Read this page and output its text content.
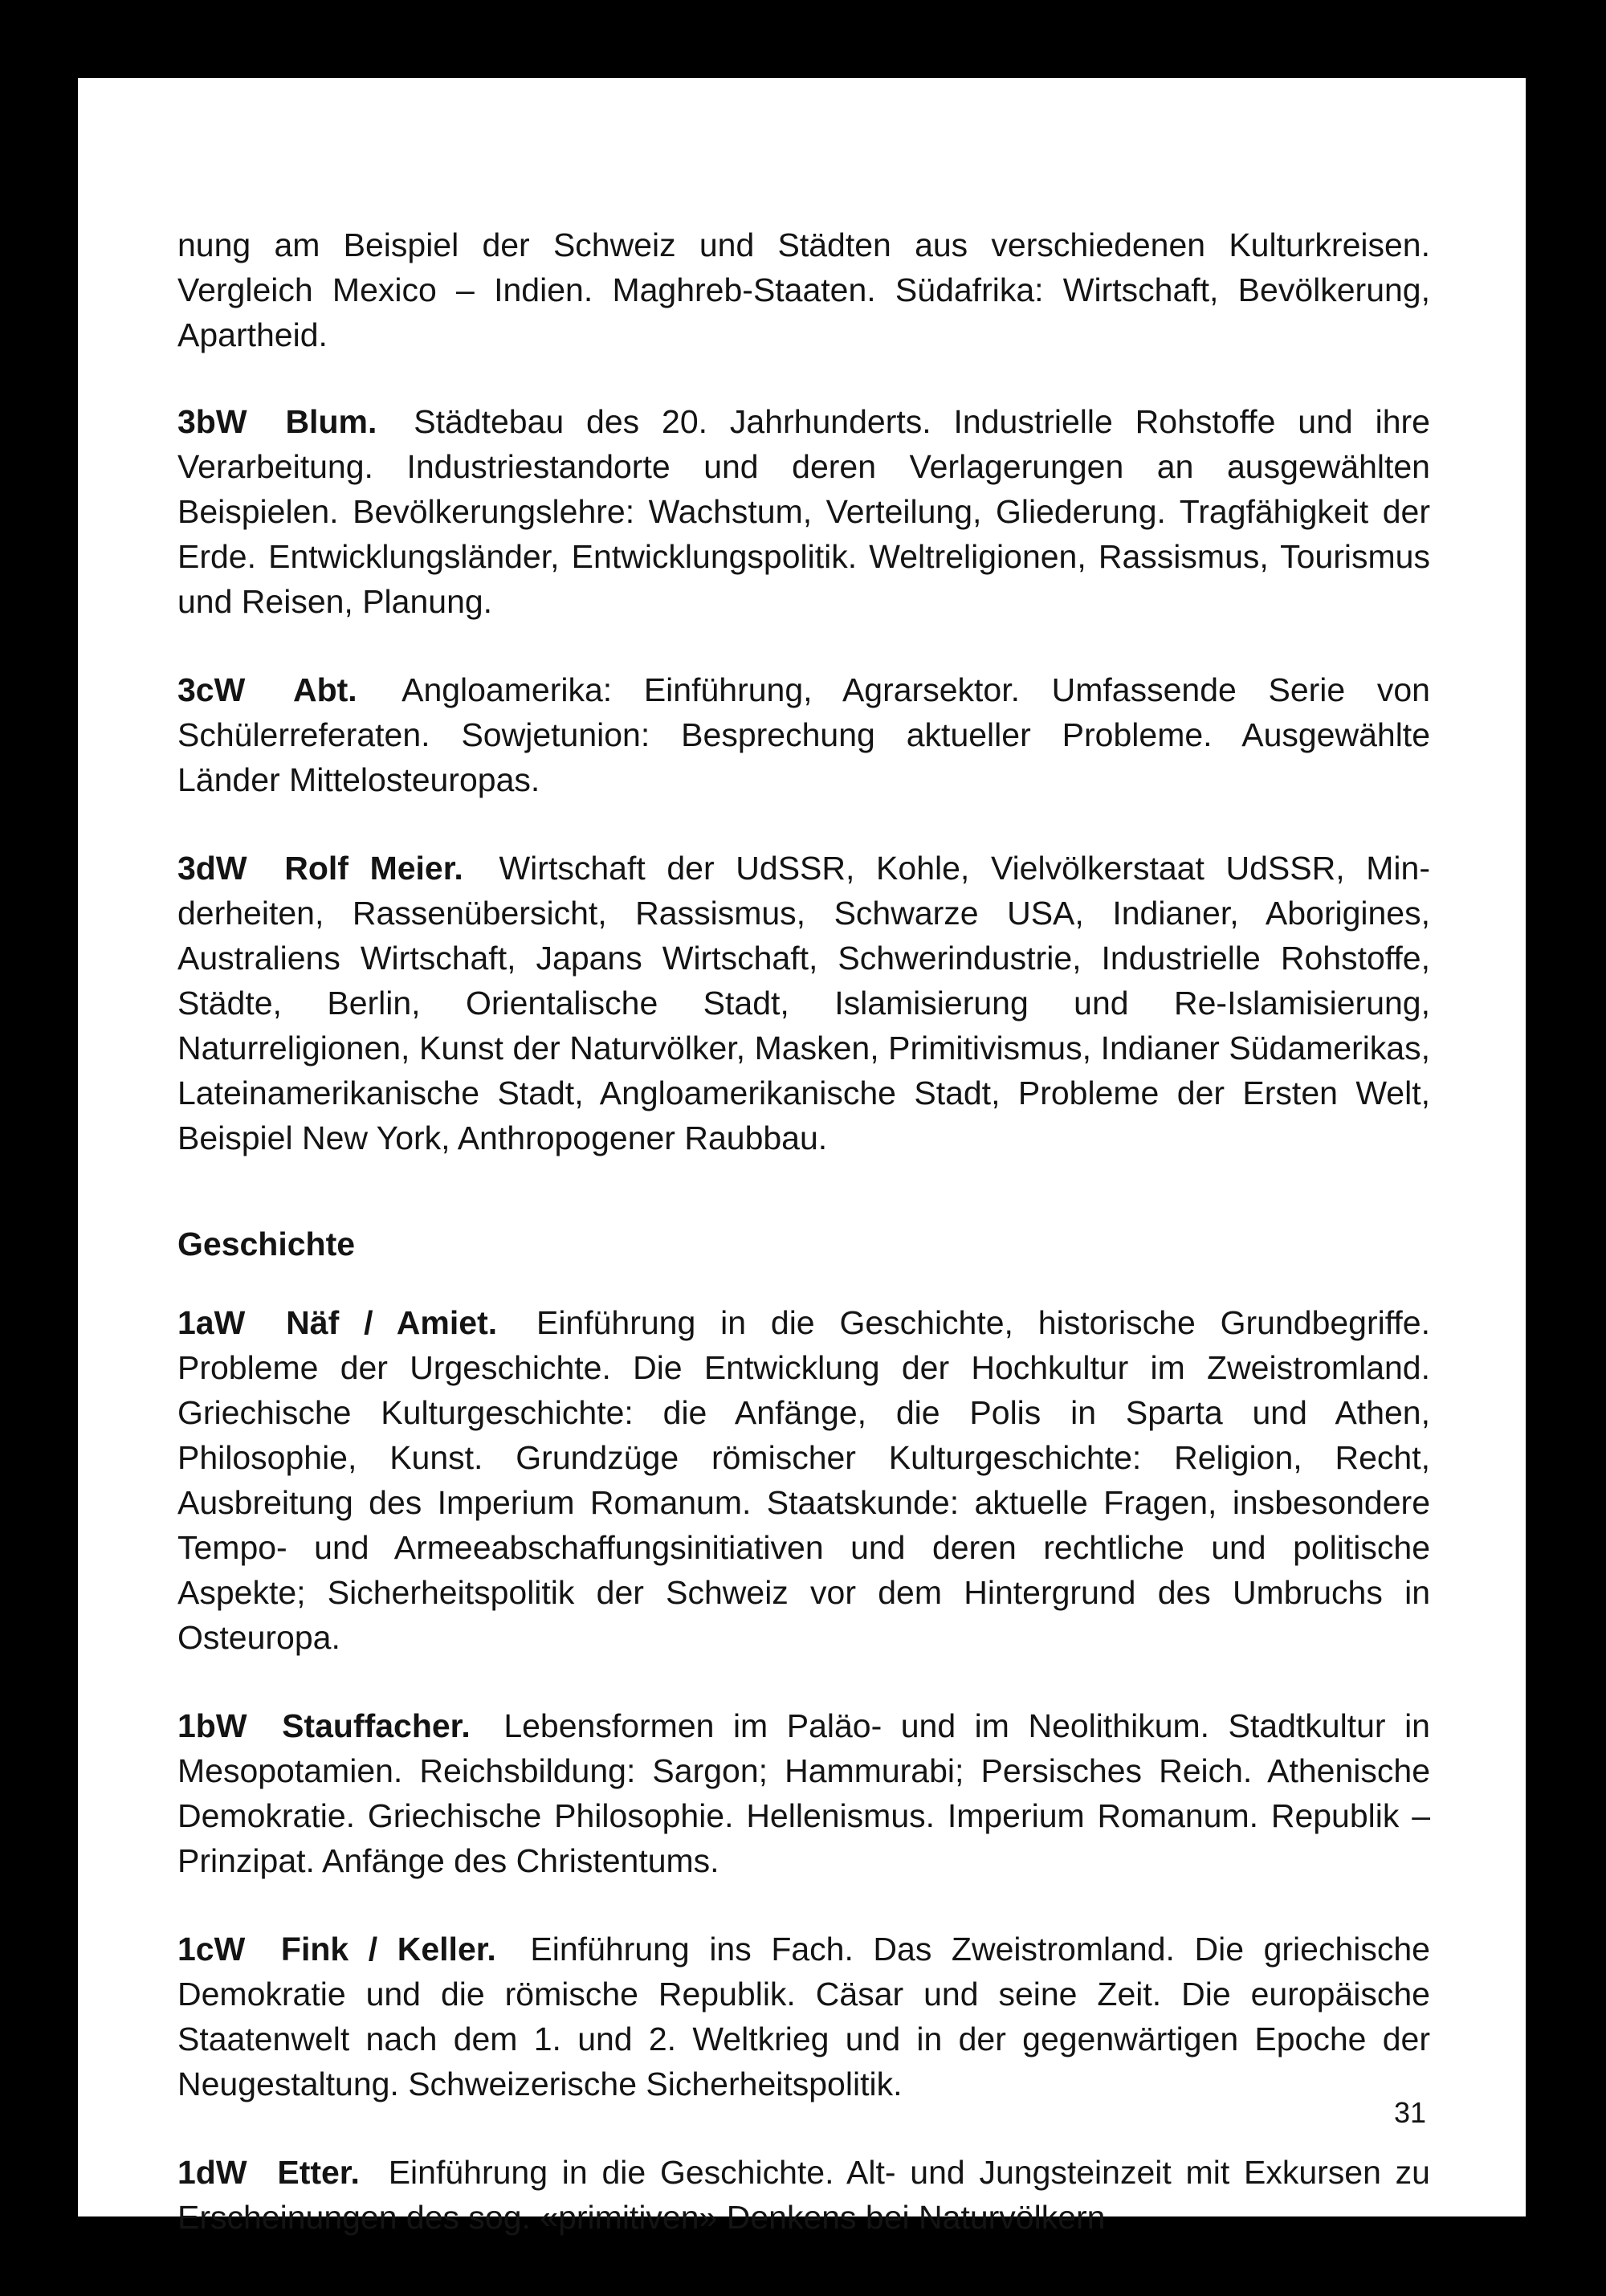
nung am Beispiel der Schweiz und Städten aus verschiedenen Kulturkreisen. Vergleich Mexico – Indien. Maghreb-Staaten. Südafrika: Wirtschaft, Bevölkerung, Apartheid.

3bW Blum. Städtebau des 20. Jahrhunderts. Industrielle Rohstoffe und ihre Verarbeitung. Industriestandorte und deren Verlagerungen an ausgewählten Beispielen. Bevölkerungslehre: Wachstum, Verteilung, Gliederung. Tragfähigkeit der Erde. Entwicklungsländer, Entwicklungspolitik. Weltreligionen, Rassismus, Tourismus und Reisen, Planung.

3cW Abt. Angloamerika: Einführung, Agrarsektor. Umfassende Serie von Schülerreferaten. Sowjetunion: Besprechung aktueller Probleme. Ausgewählte Länder Mittelosteuropas.

3dW Rolf Meier. Wirtschaft der UdSSR, Kohle, Vielvölkerstaat UdSSR, Minderheiten, Rassenübersicht, Rassismus, Schwarze USA, Indianer, Aborigines, Australiens Wirtschaft, Japans Wirtschaft, Schwerindustrie, Industrielle Rohstoffe, Städte, Berlin, Orientalische Stadt, Islamisierung und Re-Islamisierung, Naturreligionen, Kunst der Naturvölker, Masken, Primitivismus, Indianer Südamerikas, Lateinamerikanische Stadt, Angloamerikanische Stadt, Probleme der Ersten Welt, Beispiel New York, Anthropogener Raubbau.

Geschichte

1aW Näf / Amiet. Einführung in die Geschichte, historische Grundbegriffe. Probleme der Urgeschichte. Die Entwicklung der Hochkultur im Zweistromland. Griechische Kulturgeschichte: die Anfänge, die Polis in Sparta und Athen, Philosophie, Kunst. Grundzüge römischer Kulturgeschichte: Religion, Recht, Ausbreitung des Imperium Romanum. Staatskunde: aktuelle Fragen, insbesondere Tempo- und Armeeabschaffungsinitiativen und deren rechtliche und politische Aspekte; Sicherheitspolitik der Schweiz vor dem Hintergrund des Umbruchs in Osteuropa.

1bW Stauffacher. Lebensformen im Paläo- und im Neolithikum. Stadtkultur in Mesopotamien. Reichsbildung: Sargon; Hammurabi; Persisches Reich. Athenische Demokratie. Griechische Philosophie. Hellenismus. Imperium Romanum. Republik – Prinzipat. Anfänge des Christentums.

1cW Fink / Keller. Einführung ins Fach. Das Zweistromland. Die griechische Demokratie und die römische Republik. Cäsar und seine Zeit. Die europäische Staatenwelt nach dem 1. und 2. Weltkrieg und in der gegenwärtigen Epoche der Neugestaltung. Schweizerische Sicherheitspolitik.

1dW Etter. Einführung in die Geschichte. Alt- und Jungsteinzeit mit Exkursen zu Erscheinungen des sog. «primitiven» Denkens bei Naturvölkern

31
